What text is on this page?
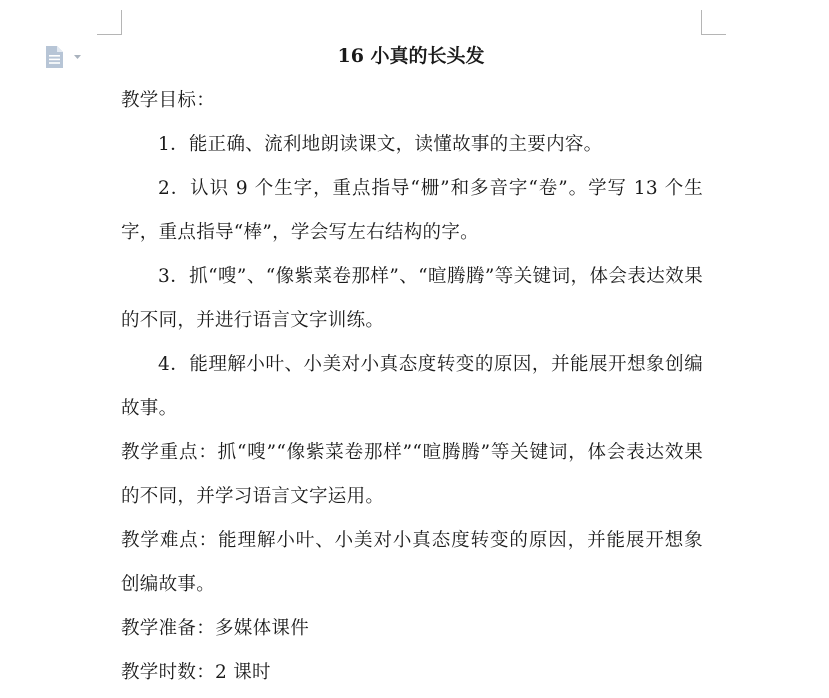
16 小真的长头发

教学目标：

1．能正确、流利地朗读课文，读懂故事的主要内容。

2．认识 9 个生字，重点指导“栅”和多音字“卷”。学写 13 个生字，重点指导“棒”，学会写左右结构的字。

3．抓“嗖”、“像紫菜卷那样”、“暄腾腾”等关键词，体会表达效果的不同，并进行语言文字训练。

4．能理解小叶、小美对小真态度转变的原因，并能展开想象创编故事。

教学重点：抓“嗖”“像紫菜卷那样”“暄腾腾”等关键词，体会表达效果的不同，并学习语言文字运用。

教学难点：能理解小叶、小美对小真态度转变的原因，并能展开想象创编故事。

教学准备：多媒体课件

教学时数：2 课时
